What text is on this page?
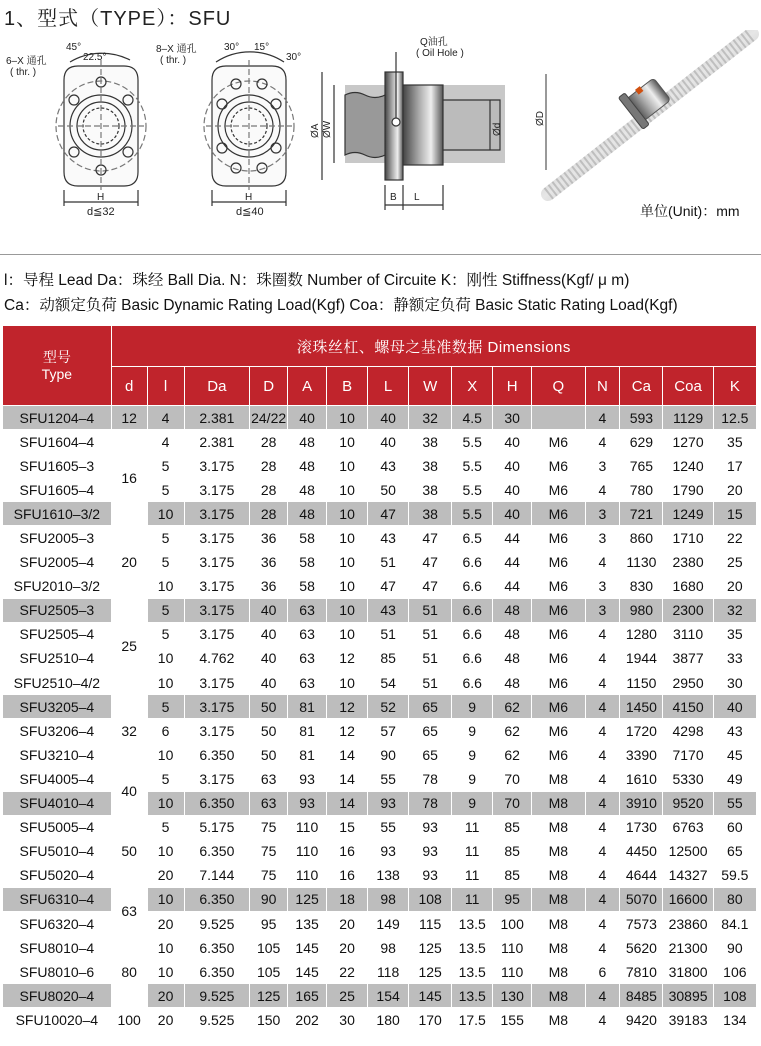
1、型式（TYPE）：SFU
45°
22.5°
6–X 通孔
( thr. )
H
d≦32
30° 15°
30°
8–X 通孔
( thr. )
H
d≦40
Q油孔
( Oil Hole )
ØA ØW	Ød
B L
ØD
单位(Unit)：mm
l：导程 Lead Da：珠经 Ball Dia. N：珠圈数 Number of Circuite K：刚性 Stiffness(Kgf/ μ m)
Ca：动额定负荷 Basic Dynamic Rating Load(Kgf) Coa：静额定负荷 Basic Static Rating Load(Kgf)
型号
Type	滚珠丝杠、螺母之基准数据 Dimensions														
	d	l	Da	D	A	B	L	W	X	H	Q	N	Ca	Coa	K
SFU1204–4	12	4	2.381	24/22	40	10	40	32	4.5	30		4	593	1129	12.5
SFU1604–4	16	4	2.381	28	48	10	40	38	5.5	40	M6	4	629	1270	35
SFU1605–3		5	3.175	28	48	10	43	38	5.5	40	M6	3	765	1240	17
SFU1605–4		5	3.175	28	48	10	50	38	5.5	40	M6	4	780	1790	20
SFU1610–3/2		10	3.175	28	48	10	47	38	5.5	40	M6	3	721	1249	15
SFU2005–3	20	5	3.175	36	58	10	43	47	6.5	44	M6	3	860	1710	22
SFU2005–4		5	3.175	36	58	10	51	47	6.6	44	M6	4	1130	2380	25
SFU2010–3/2		10	3.175	36	58	10	47	47	6.6	44	M6	3	830	1680	20
SFU2505–3	25	5	3.175	40	63	10	43	51	6.6	48	M6	3	980	2300	32
SFU2505–4		5	3.175	40	63	10	51	51	6.6	48	M6	4	1280	3110	35
SFU2510–4		10	4.762	40	63	12	85	51	6.6	48	M6	4	1944	3877	33
SFU2510–4/2		10	3.175	40	63	10	54	51	6.6	48	M6	4	1150	2950	30
SFU3205–4	32	5	3.175	50	81	12	52	65	9	62	M6	4	1450	4150	40
SFU3206–4		6	3.175	50	81	12	57	65	9	62	M6	4	1720	4298	43
SFU3210–4		10	6.350	50	81	14	90	65	9	62	M6	4	3390	7170	45
SFU4005–4	40	5	3.175	63	93	14	55	78	9	70	M8	4	1610	5330	49
SFU4010–4		10	6.350	63	93	14	93	78	9	70	M8	4	3910	9520	55
SFU5005–4	50	5	5.175	75	110	15	55	93	11	85	M8	4	1730	6763	60
SFU5010–4		10	6.350	75	110	16	93	93	11	85	M8	4	4450	12500	65
SFU5020–4		20	7.144	75	110	16	138	93	11	85	M8	4	4644	14327	59.5
SFU6310–4	63	10	6.350	90	125	18	98	108	11	95	M8	4	5070	16600	80
SFU6320–4		20	9.525	95	135	20	149	115	13.5	100	M8	4	7573	23860	84.1
SFU8010–4	80	10	6.350	105	145	20	98	125	13.5	110	M8	4	5620	21300	90
SFU8010–6		10	6.350	105	145	22	118	125	13.5	110	M8	6	7810	31800	106
SFU8020–4		20	9.525	125	165	25	154	145	13.5	130	M8	4	8485	30895	108
SFU10020–4	100	20	9.525	150	202	30	180	170	17.5	155	M8	4	9420	39183	134
